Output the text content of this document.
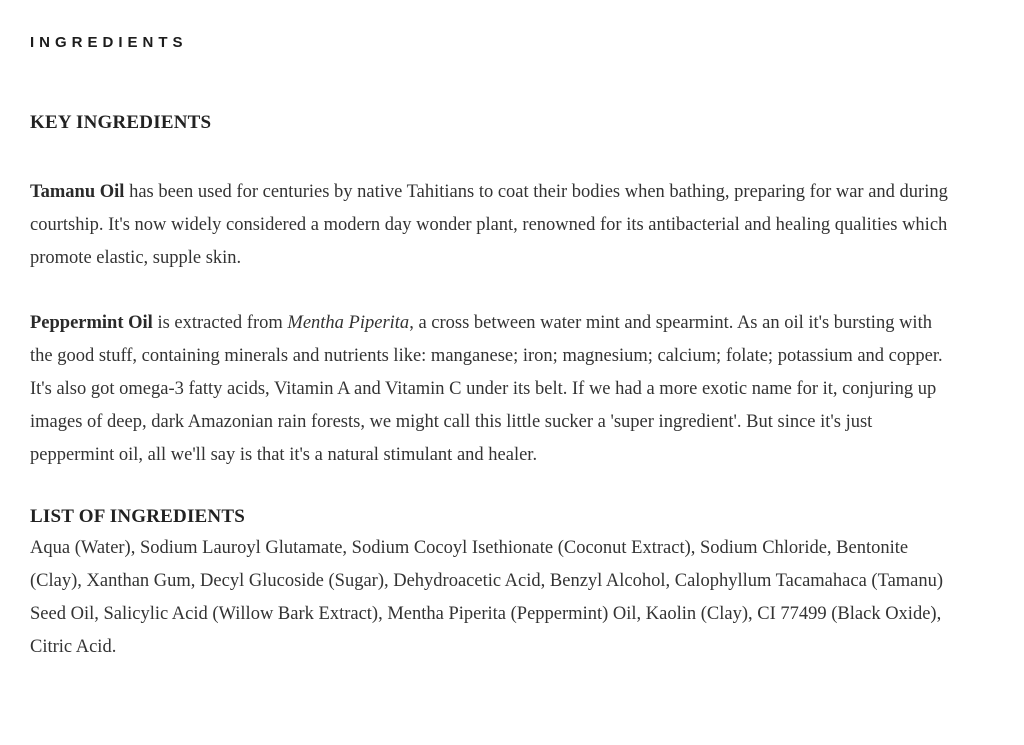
INGREDIENTS
KEY INGREDIENTS

Tamanu Oil has been used for centuries by native Tahitians to coat their bodies when bathing, preparing for war and during courtship. It's now widely considered a modern day wonder plant, renowned for its antibacterial and healing qualities which promote elastic, supple skin.

Peppermint Oil is extracted from Mentha Piperita, a cross between water mint and spearmint. As an oil it's bursting with the good stuff, containing minerals and nutrients like: manganese; iron; magnesium; calcium; folate; potassium and copper. It's also got omega-3 fatty acids, Vitamin A and Vitamin C under its belt. If we had a more exotic name for it, conjuring up images of deep, dark Amazonian rain forests, we might call this little sucker a 'super ingredient'. But since it's just peppermint oil, all we'll say is that it's a natural stimulant and healer.

LIST OF INGREDIENTS

Aqua (Water), Sodium Lauroyl Glutamate, Sodium Cocoyl Isethionate (Coconut Extract), Sodium Chloride, Bentonite (Clay), Xanthan Gum, Decyl Glucoside (Sugar), Dehydroacetic Acid, Benzyl Alcohol, Calophyllum Tacamahaca (Tamanu) Seed Oil, Salicylic Acid (Willow Bark Extract), Mentha Piperita (Peppermint) Oil, Kaolin (Clay), CI 77499 (Black Oxide), Citric Acid.
